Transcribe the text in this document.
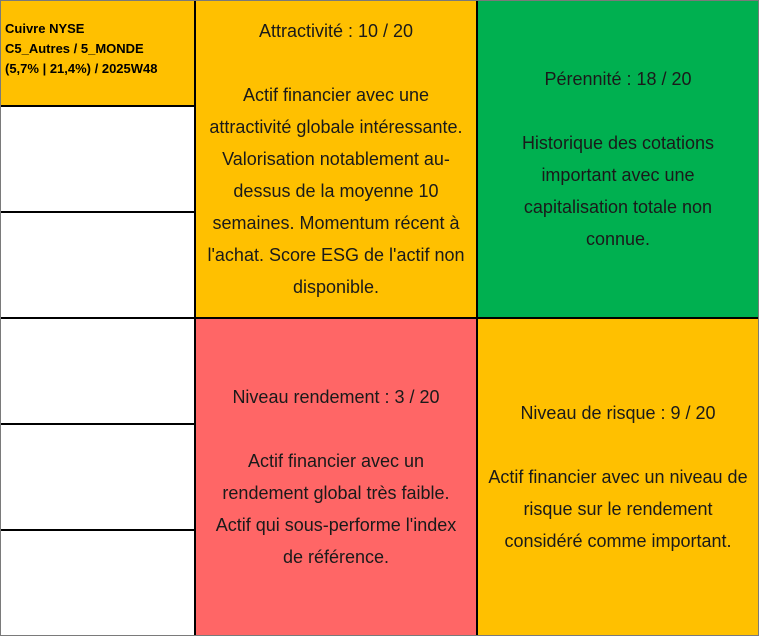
Cuivre NYSE
C5_Autres / 5_MONDE
(5,7% | 21,4%) / 2025W48
Attractivité : 10 / 20
Actif financier avec une
attractivité globale intéressante.
Valorisation notablement au-
dessus de la moyenne 10
semaines. Momentum récent à
l'achat. Score ESG de l'actif non
disponible.
Pérennité : 18 / 20
Historique des cotations
important avec une
capitalisation totale non
connue.
Niveau rendement : 3 / 20
Actif financier avec un
rendement global très faible.
Actif qui sous-performe l'index
de référence.
Niveau de risque : 9 / 20
Actif financier avec un niveau de
risque sur le rendement
considéré comme important.
